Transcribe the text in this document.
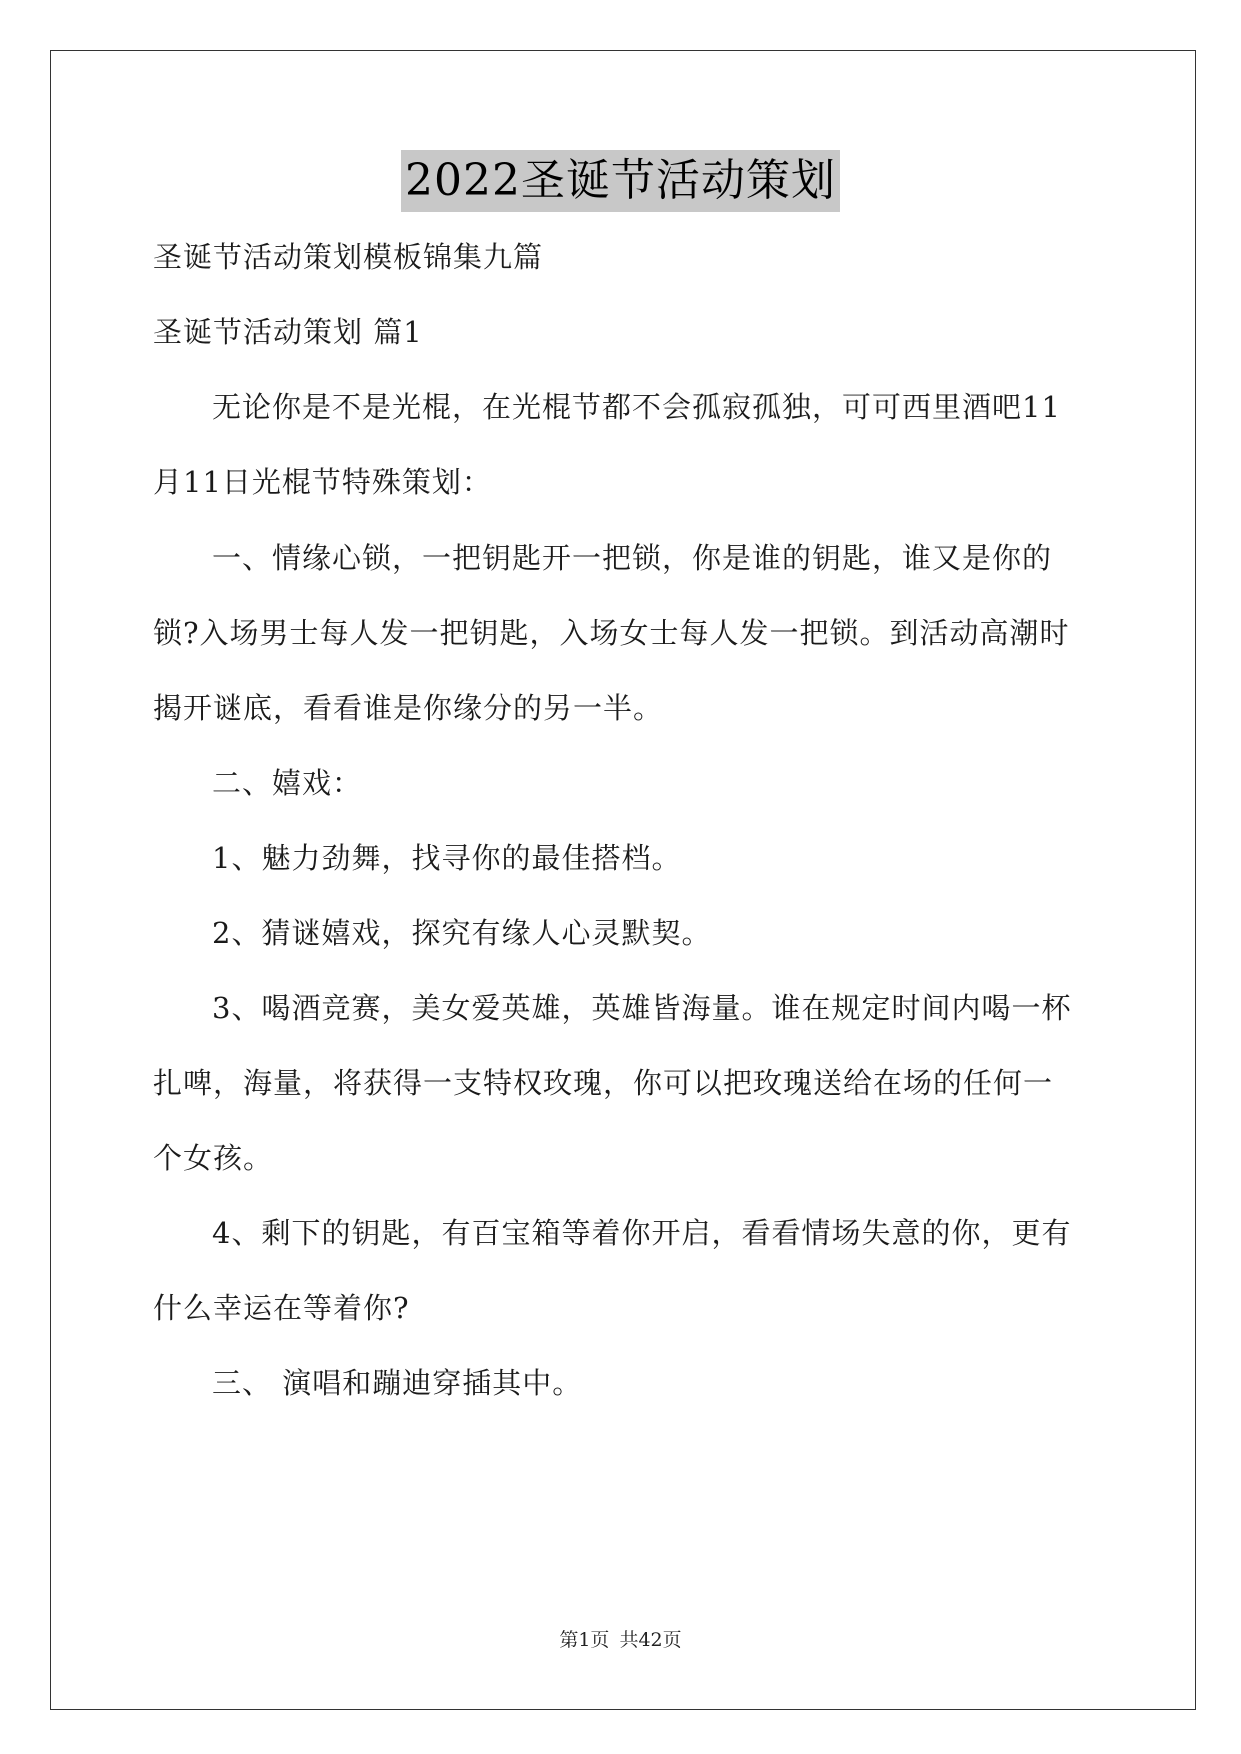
2022圣诞节活动策划
圣诞节活动策划模板锦集九篇
圣诞节活动策划 篇1
无论你是不是光棍，在光棍节都不会孤寂孤独，可可西里酒吧11
月11日光棍节特殊策划：
一、情缘心锁，一把钥匙开一把锁，你是谁的钥匙，谁又是你的
锁?入场男士每人发一把钥匙，入场女士每人发一把锁。到活动高潮时
揭开谜底，看看谁是你缘分的另一半。
二、嬉戏：
1、魅力劲舞，找寻你的最佳搭档。
2、猜谜嬉戏，探究有缘人心灵默契。
3、喝酒竞赛，美女爱英雄，英雄皆海量。谁在规定时间内喝一杯
扎啤，海量，将获得一支特权玫瑰，你可以把玫瑰送给在场的任何一
个女孩。
4、剩下的钥匙，有百宝箱等着你开启，看看情场失意的你，更有
什么幸运在等着你?
三、 演唱和蹦迪穿插其中。
第1页 共42页
